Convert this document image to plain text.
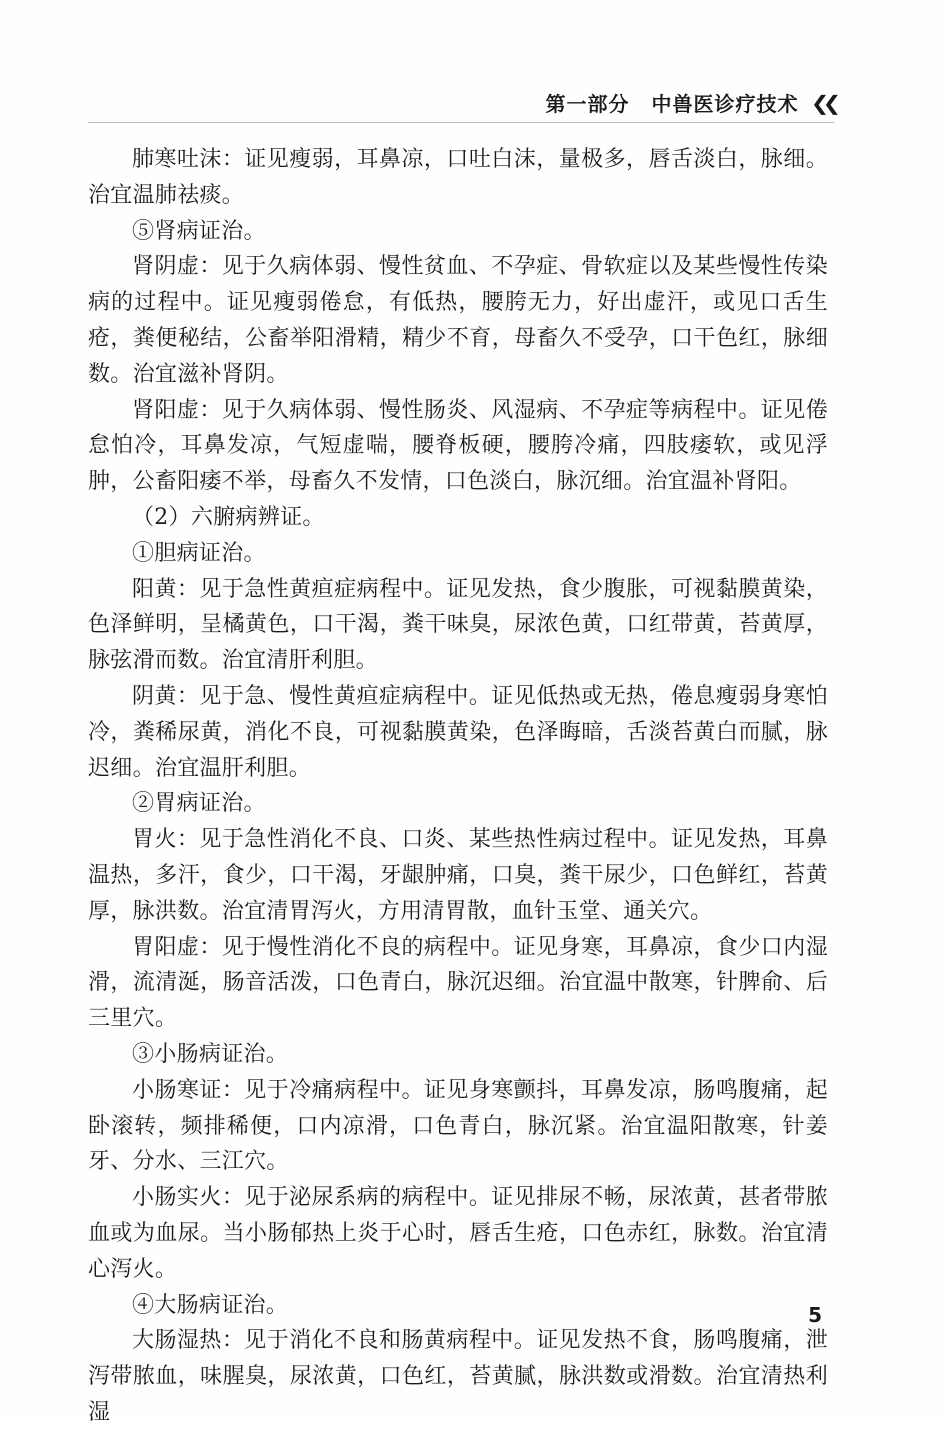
第一部分 中兽医诊疗技术 ❮❮

肺寒吐沫：证见瘦弱，耳鼻凉，口吐白沫，量极多，唇舌淡白，脉细。治宜温肺祛痰。

⑤肾病证治。

肾阴虚：见于久病体弱、慢性贫血、不孕症、骨软症以及某些慢性传染病的过程中。证见瘦弱倦怠，有低热，腰胯无力，好出虚汗，或见口舌生疮，粪便秘结，公畜举阳滑精，精少不育，母畜久不受孕，口干色红，脉细数。治宜滋补肾阴。

肾阳虚：见于久病体弱、慢性肠炎、风湿病、不孕症等病程中。证见倦怠怕冷，耳鼻发凉，气短虚喘，腰脊板硬，腰胯冷痛，四肢痿软，或见浮肿，公畜阳痿不举，母畜久不发情，口色淡白，脉沉细。治宜温补肾阳。

（2）六腑病辨证。

①胆病证治。

阳黄：见于急性黄疸症病程中。证见发热，食少腹胀，可视黏膜黄染，色泽鲜明，呈橘黄色，口干渴，粪干味臭，尿浓色黄，口红带黄，苔黄厚，脉弦滑而数。治宜清肝利胆。

阴黄：见于急、慢性黄疸症病程中。证见低热或无热，倦息瘦弱身寒怕冷，粪稀尿黄，消化不良，可视黏膜黄染，色泽晦暗，舌淡苔黄白而腻，脉迟细。治宜温肝利胆。

②胃病证治。

胃火：见于急性消化不良、口炎、某些热性病过程中。证见发热，耳鼻温热，多汗，食少，口干渴，牙龈肿痛，口臭，粪干尿少，口色鲜红，苔黄厚，脉洪数。治宜清胃泻火，方用清胃散，血针玉堂、通关穴。

胃阳虚：见于慢性消化不良的病程中。证见身寒，耳鼻凉，食少口内湿滑，流清涎，肠音活泼，口色青白，脉沉迟细。治宜温中散寒，针脾俞、后三里穴。

③小肠病证治。

小肠寒证：见于冷痛病程中。证见身寒颤抖，耳鼻发凉，肠鸣腹痛，起卧滚转，频排稀便，口内凉滑，口色青白，脉沉紧。治宜温阳散寒，针姜牙、分水、三江穴。

小肠实火：见于泌尿系病的病程中。证见排尿不畅，尿浓黄，甚者带脓血或为血尿。当小肠郁热上炎于心时，唇舌生疮，口色赤红，脉数。治宜清心泻火。

④大肠病证治。

大肠湿热：见于消化不良和肠黄病程中。证见发热不食，肠鸣腹痛，泄泻带脓血，味腥臭，尿浓黄，口色红，苔黄腻，脉洪数或滑数。治宜清热利湿

5
